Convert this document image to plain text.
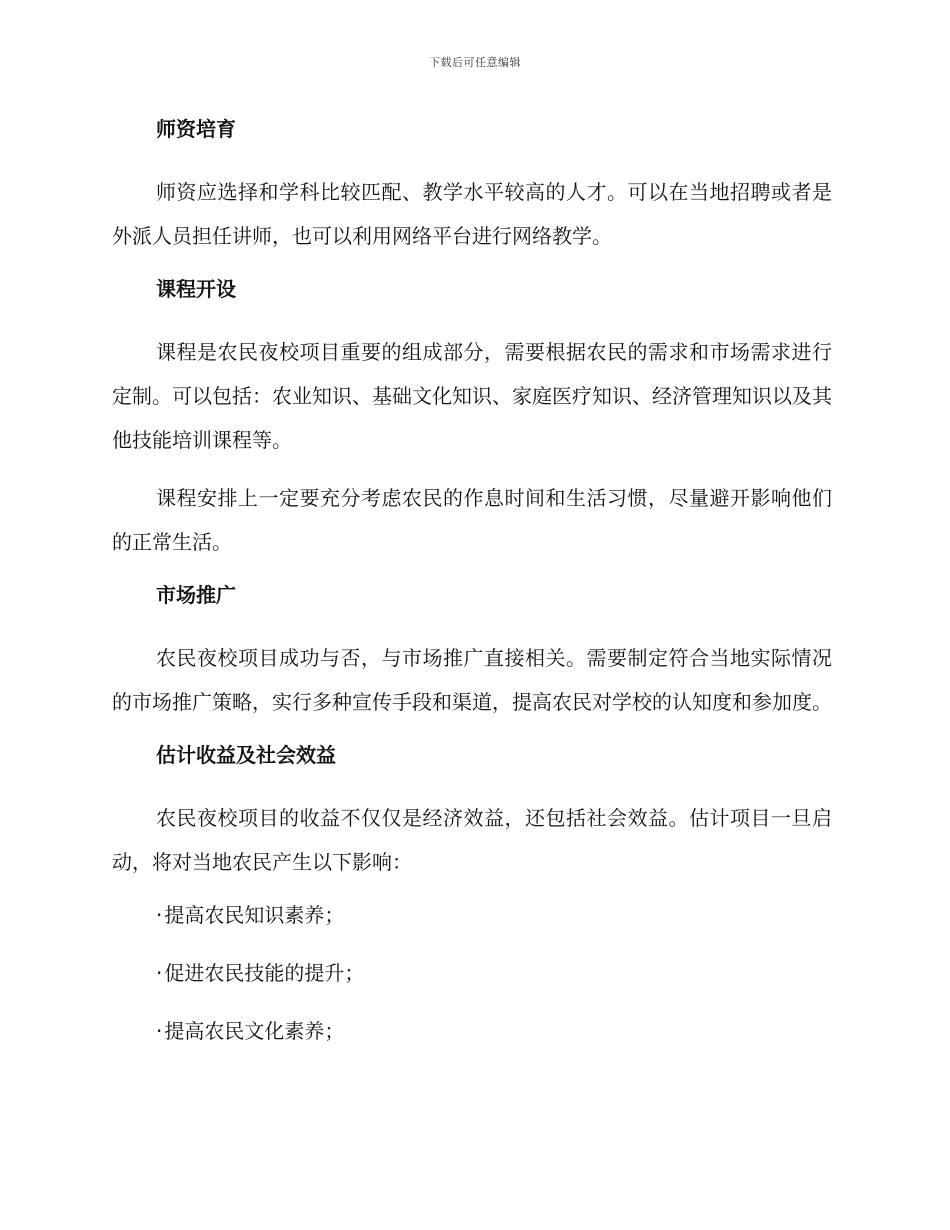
下载后可任意编辑
师资培育
师资应选择和学科比较匹配、教学水平较高的人才。可以在当地招聘或者是外派人员担任讲师，也可以利用网络平台进行网络教学。
课程开设
课程是农民夜校项目重要的组成部分，需要根据农民的需求和市场需求进行定制。可以包括：农业知识、基础文化知识、家庭医疗知识、经济管理知识以及其他技能培训课程等。
课程安排上一定要充分考虑农民的作息时间和生活习惯，尽量避开影响他们的正常生活。
市场推广
农民夜校项目成功与否，与市场推广直接相关。需要制定符合当地实际情况的市场推广策略，实行多种宣传手段和渠道，提高农民对学校的认知度和参加度。
估计收益及社会效益
农民夜校项目的收益不仅仅是经济效益，还包括社会效益。估计项目一旦启动，将对当地农民产生以下影响：
· 提高农民知识素养；
· 促进农民技能的提升；
· 提高农民文化素养；
